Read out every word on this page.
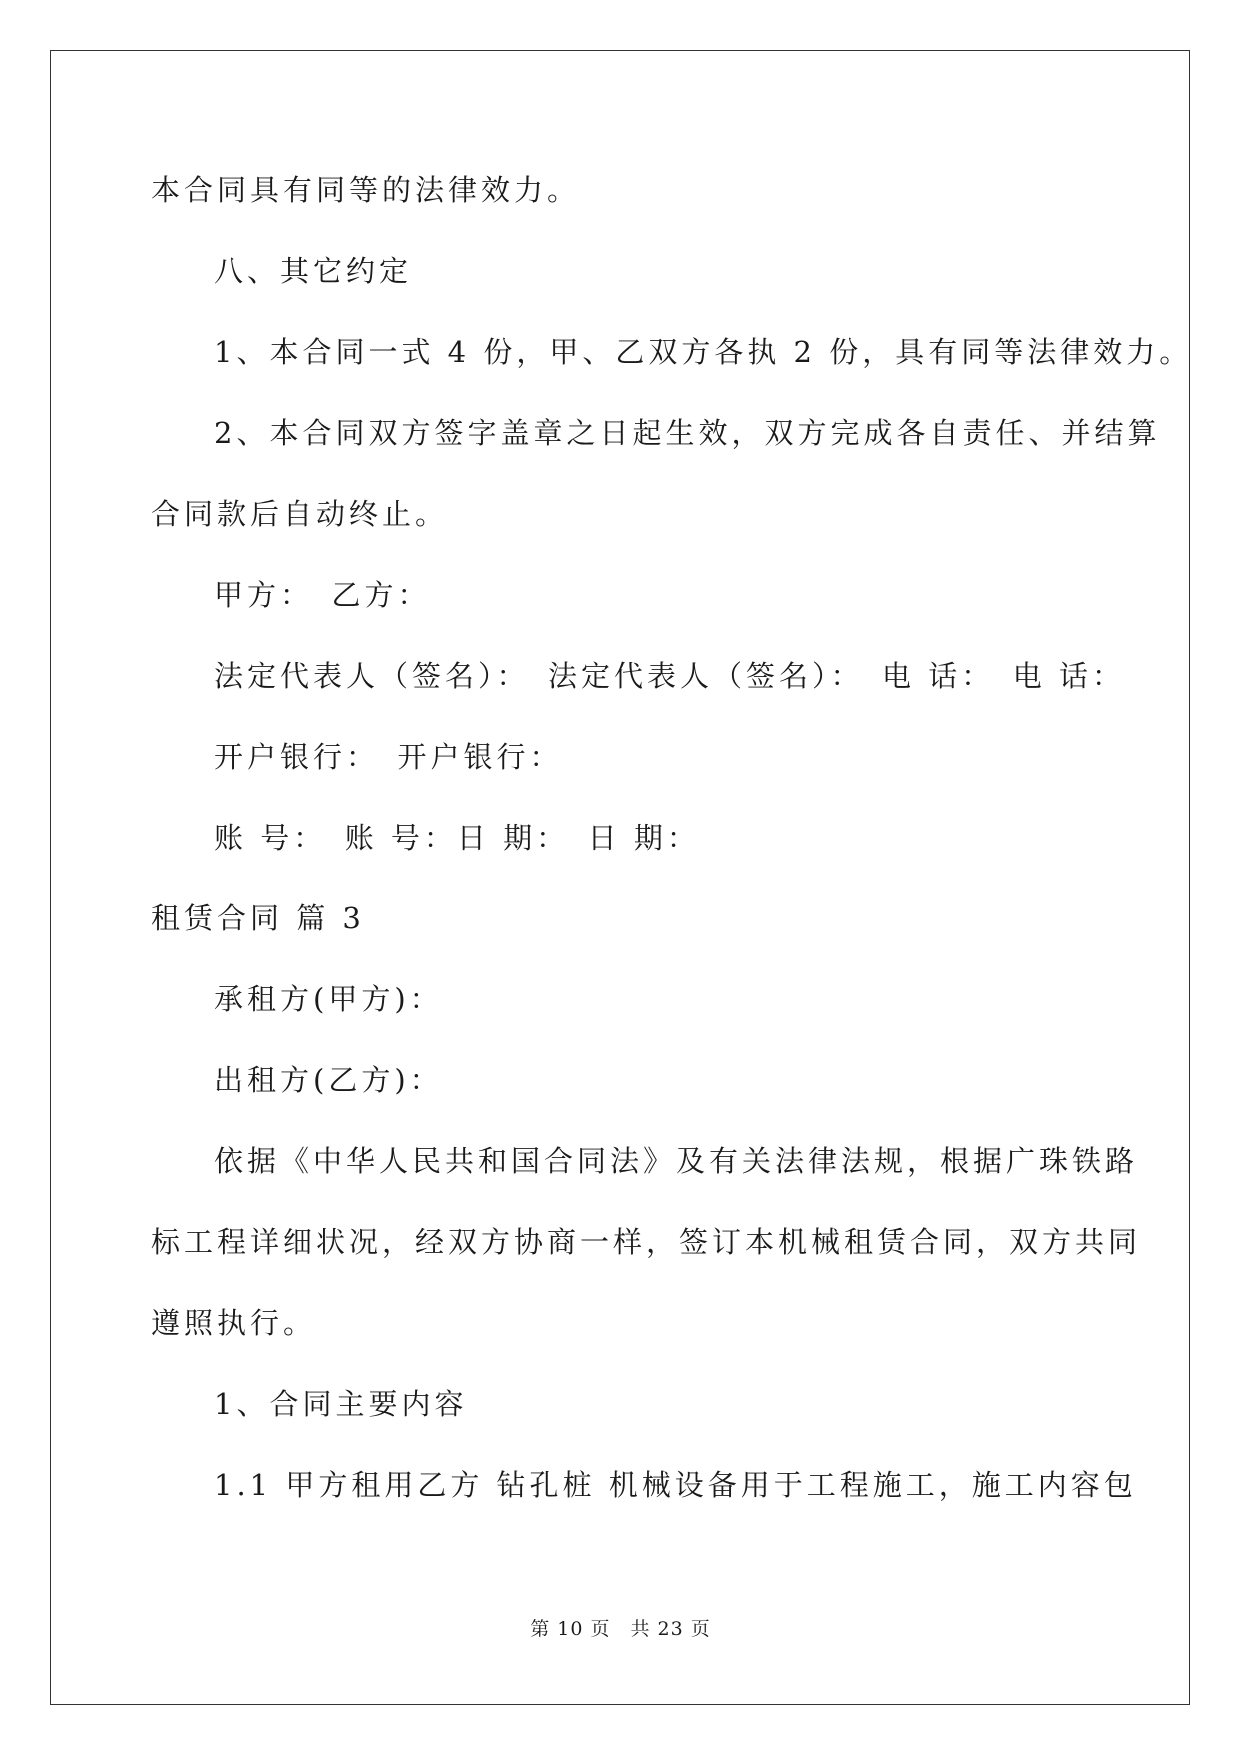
本合同具有同等的法律效力。
八、其它约定
1、本合同一式 4 份，甲、乙双方各执 2 份，具有同等法律效力。
2、本合同双方签字盖章之日起生效，双方完成各自责任、并结算
合同款后自动终止。
甲方：　乙方：
法定代表人（签名）：　法定代表人（签名）：　电 话：　电 话：
开户银行：　开户银行：
账 号：　账 号：日 期：　日 期：
租赁合同 篇 3
承租方(甲方)：
出租方(乙方)：
依据《中华人民共和国合同法》及有关法律法规，根据广珠铁路
标工程详细状况，经双方协商一样，签订本机械租赁合同，双方共同
遵照执行。
1、合同主要内容
1.1 甲方租用乙方 钻孔桩 机械设备用于工程施工，施工内容包
第 10 页　共 23 页
